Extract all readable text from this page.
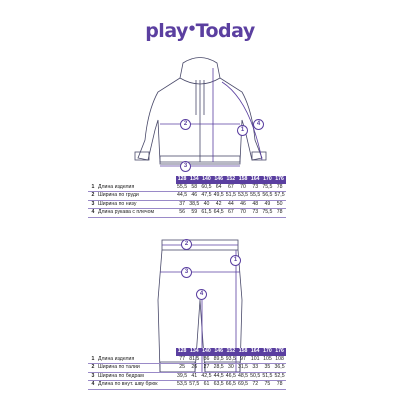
play●Today
1
2
3
4
1
2
3
4
		128	134	140	146	152	158	164	170	176
1	Длина изделия	55,5	58	60,5	64	67	70	73	75,5	78
2	Ширина по груди	44,5	46	47,5	49,5	51,5	53,5	55,5	56,5	57,5
3	Ширина по низу	37	38,5	40	42	44	46	48	49	50
4	Длина рукава с плечом	56	59	61,5	64,5	67	70	73	75,5	78
		128	134	140	146	152	158	164	170	176
1	Длина изделия	77	81,5	86	89,5	93,5	97	101	105	108
2	Ширина по талии	25	26	27	28,5	30	31,5	33	35	36,5
3	Ширина по бедрам	39,5	41	42,5	44,5	46,5	48,5	50,5	51,5	52,5
4	Длина по внут. шву брюк	53,5	57,5	61	63,5	66,5	69,5	72	75	78
